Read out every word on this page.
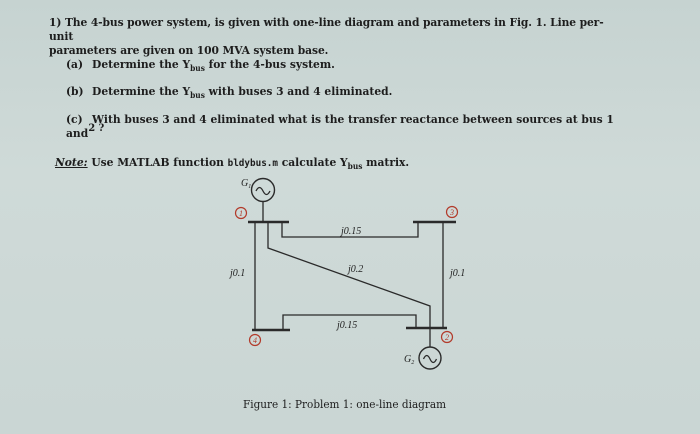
1) The 4-bus power system, is given with one-line diagram and parameters in Fig. 1. Line per-unit
parameters are given on 100 MVA system base.
(a) Determine the $Y_{bus}$ for the 4-bus system.
(b) Determine the $Y_{bus}$ with buses 3 and 4 eliminated.
(c) With buses 3 and 4 eliminated what is the transfer reactance between sources at bus 1 and 2 ?
Note: Use MATLAB function bldybus.m calculate $Y_{bus}$ matrix.
$G_1$
$G_2$
1	3
4	2
j0.15
j0.1	j0.2	j0.1
j0.15
Figure 1: Problem 1: one-line diagram
